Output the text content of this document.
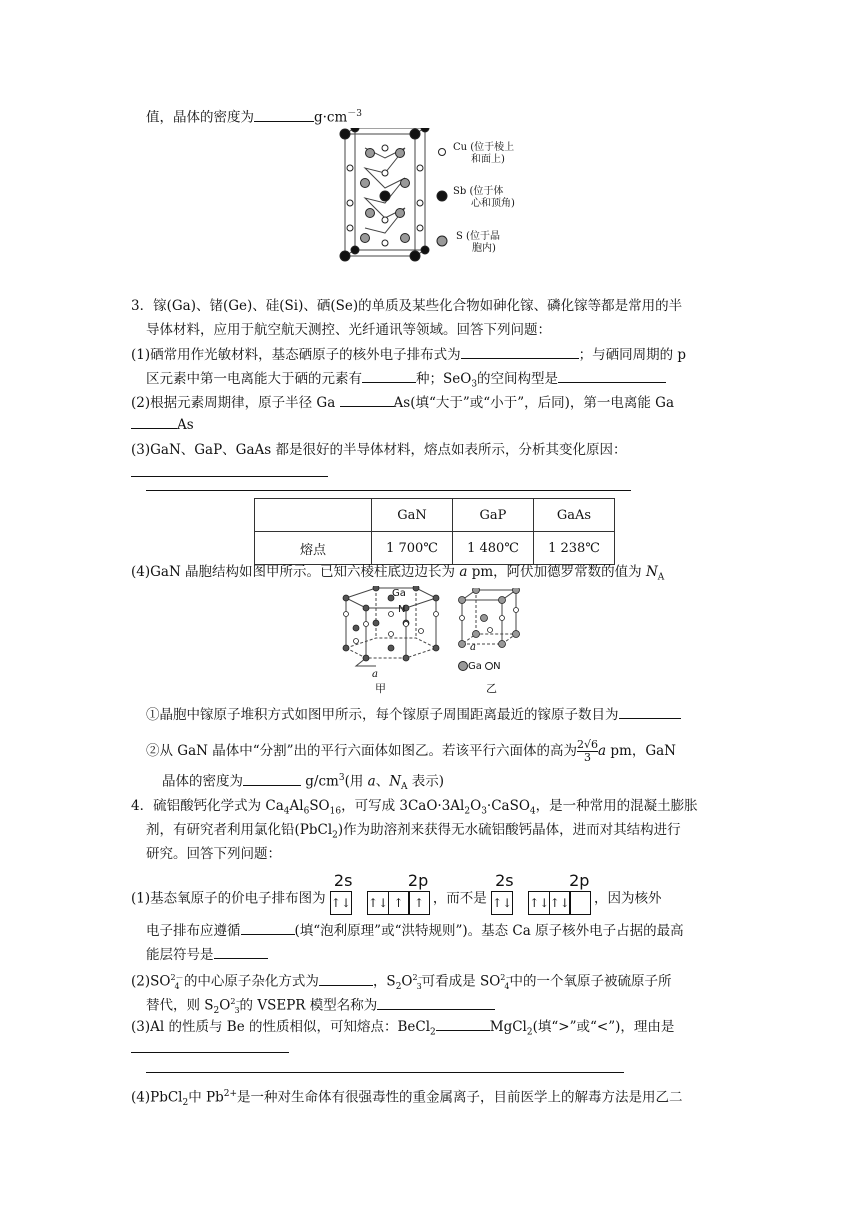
值，晶体的密度为	$g\cdot cm^{-3}$
Cu (位于棱上
和面上)
Sb (位于体
心和顶角)
S (位于晶
胞内)
3．镓(Ga)、锗(Ge)、硅(Si)、硒(Se)的单质及某些化合物如砷化镓、磷化镓等都是常用的半
导体材料，应用于航空航天测控、光纤通讯等领域。回答下列问题：
(1)硒常用作光敏材料，基态硒原子的核外电子排布式为	；与硒同周期的 p
区元素中第一电离能大于硒的元素有	种；SeO$_3$的空间构型是
(2)根据元素周期律，原子半径 Ga	As(填“大于”或“小于”，后同)，第一电离能 Ga
As
(3)GaN、GaP、GaAs 都是很好的半导体材料，熔点如表所示，分析其变化原因：
	GaN	GaP	GaAs
熔点	1 700℃	1 480℃	1 238℃
(4)GaN 晶胞结构如图甲所示。已知六棱柱底边边长为 a pm，阿伏加德罗常数的值为 $N_A$
Ga
N
a
甲
a
Ga N
乙
①晶胞中镓原子堆积方式如图甲所示，每个镓原子周围距离最近的镓原子数目为
②从 GaN 晶体中“分割”出的平行六面体如图乙。若该平行六面体的高为 $\frac{2√6}{3}$ a pm，GaN
晶体的密度为	$g/cm^3$(用 a、$N_A$ 表示)
4．硫铝酸钙化学式为 $Ca_4Al_6SO_{16}$，可写成 $3CaO\cdot 3Al_2O_3\cdot CaSO_4$，是一种常用的混凝土膨胀
剂，有研究者利用氯化铅(PbCl$_2$)作为助溶剂来获得无水硫铝酸钙晶体，进而对其结构进行
研究。回答下列问题：
(1)基态氧原子的价电子排布图为
2s
↑↓
2p
↑↓ ↑ ↑ ，而不是
2s
↑↓
2p
↑↓↑↓ ，因为核外
电子排布应遵循	(填“泡利原理”或“洪特规则”)。基态 Ca 原子核外电子占据的最高
能层符号是
$(2)SO^{2-}_4$ 的中心原子杂化方式为	，$S_2O^{2-}_3$可看成是 $SO^{2-}_4$中的一个氧原子被硫原子所
替代，则 $S_2O^{2-}_3$的 VSEPR 模型名称为
(3)Al 的性质与 Be 的性质相似，可知熔点：BeCl$_2$	MgCl$_2$(填“>”或“<”)，理由是
(4)PbCl$_2$中 $Pb^{2+}$是一种对生命体有很强毒性的重金属离子，目前医学上的解毒方法是用乙二
